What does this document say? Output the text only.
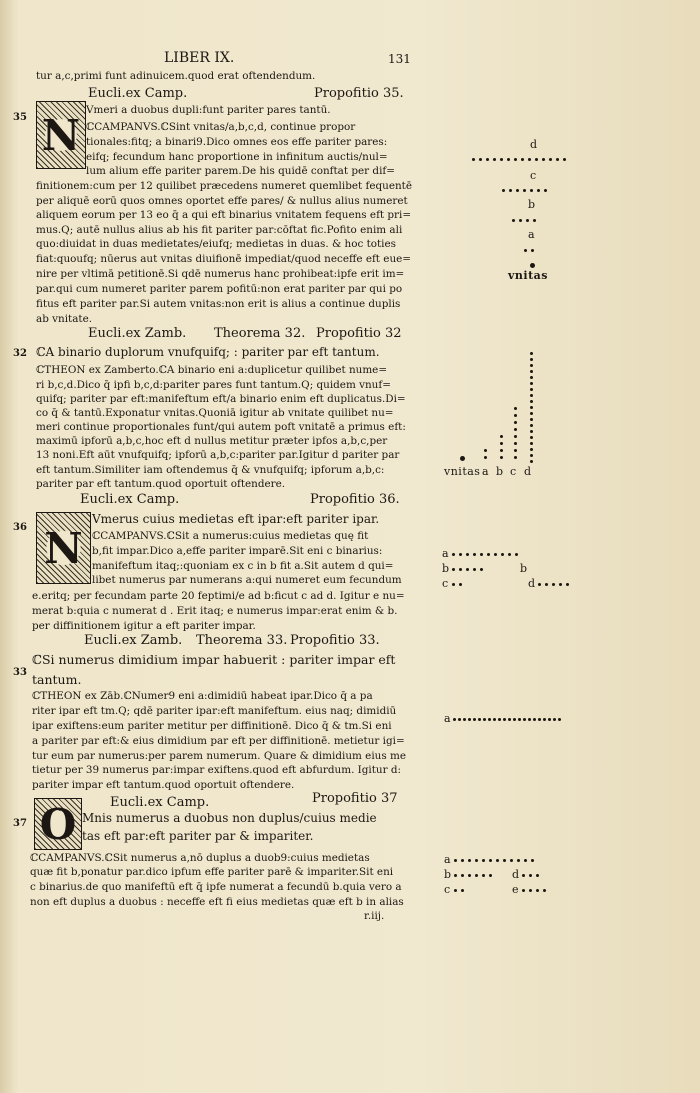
LIBER IX.	131
tur a,c,primi funt adinuicem.quod erat oftendendum.
Eucli.ex Camp.	Propofitio 35.
35 N
Vmeri a duobus dupli:funt pariter pares tantū.
ℂCAMPANVS.ℂSint vnitas/a,b,c,d, continue propor
tionales:fitq; a binari9.Dico omnes eos effe pariter pares:
eifq; fecundum hanc proportione in infinitum auctis/nul=
lum alium effe pariter parem.De his quidē conftat per dif=
finitionem:cum per 12 quilibet præcedens numeret quemlibet fequentē
per aliquē eorū quos omnes oportet effe pares/ & nullus alius numeret
aliquem eorum per 13 eo q̄ a qui eft binarius vnitatem fequens eft pri=
mus.Q; autē nullus alius ab his fit pariter par:cōftat fic.Pofito enim ali
quo:diuidat in duas medietates/eiufq; medietas in duas. & hoc toties
fiat:quoufq; nūerus aut vnitas diuifionē impediat/quod neceffe eft eue=
nire per vltimā petitionē.Si qdē numerus hanc prohibeat:ipfe erit im=
par.qui cum numeret pariter parem pofitū:non erat pariter par qui po
fitus eft pariter par.Si autem vnitas:non erit is alius a continue duplis
ab vnitate.
Eucli.ex Zamb. Theorema 32. Propofitio 32
32 ℂA binario duplorum vnufquifq; : pariter par eft tantum.
ℂTHEON ex Zamberto.ℂA binario eni a:duplicetur quilibet nume=
ri b,c,d.Dico q̄ ipfi b,c,d:pariter pares funt tantum.Q; quidem vnuf=
quifq; pariter par eft:manifeftum eft/a binario enim eft duplicatus.Di=
co q̄ & tantū.Exponatur vnitas.Quoniā igitur ab vnitate quilibet nu=
meri continue proportionales funt/qui autem poft vnitatē a primus eft:
maximū ipforū a,b,c,hoc eft d nullus metitur præter ipfos a,b,c,per
13 noni.Eft aūt vnufquifq; ipforū a,b,c:pariter par.Igitur d pariter par
eft tantum.Similiter iam oftendemus q̄ & vnufquifq; ipforum a,b,c:
pariter par eft tantum.quod oportuit oftendere.
Eucli.ex Camp.	Propofitio 36.
36 N
Vmerus cuius medietas eft ipar:eft pariter ipar.
ℂCAMPANVS.ℂSit a numerus:cuius medietas quę fit
b,fit impar.Dico a,effe pariter imparē.Sit eni c binarius:
manifeftum itaq;:quoniam ex c in b fit a.Sit autem d qui=
libet numerus par numerans a:qui numeret eum fecundum
e.eritq; per fecundam parte 20 feptimi/e ad b:ficut c ad d. Igitur e nu=
merat b:quia c numerat d . Erit itaq; e numerus impar:erat enim & b.
per diffinitionem igitur a eft pariter impar.
Eucli.ex Zamb. Theorema 33. Propofitio 33.
33
ℂSi numerus dimidium impar habuerit : pariter impar eft
tantum.
ℂTHEON ex Zāb.ℂNumer9 eni a:dimidiū habeat ipar.Dico q̄ a pa
riter ipar eft tm.Q; qdē pariter ipar:eft manifeftum. eius naq; dimidiū
ipar exiftens:eum pariter metitur per diffinitionē. Dico q̄ & tm.Si eni
a pariter par eft:& eius dimidium par eft per diffinitionē. metietur igi=
tur eum par numerus:per parem numerum. Quare & dimidium eius me
tietur per 39 numerus par:impar exiftens.quod eft abfurdum. Igitur d:
pariter impar eft tantum.quod oportuit oftendere.
Eucli.ex Camp.	Propofitio 37
37 O Mnis numerus a duobus non duplus/cuius medie
tas eft par:eft pariter par & impariter.
ℂCAMPANVS.ℂSit numerus a,nō duplus a duob9:cuius medietas
quæ fit b,ponatur par.dico ipfum effe pariter parē & impariter.Sit eni
c binarius.de quo manifeftū eft q̄ ipfe numerat a fecundū b.quia vero a
non eft duplus a duobus : neceffe eft fi eius medietas quæ eft b in alias
r.iij.
d
c
b
a
vnitas

vnitas a b c d
a
b	b
c	d
a
a
b	d
c	e
